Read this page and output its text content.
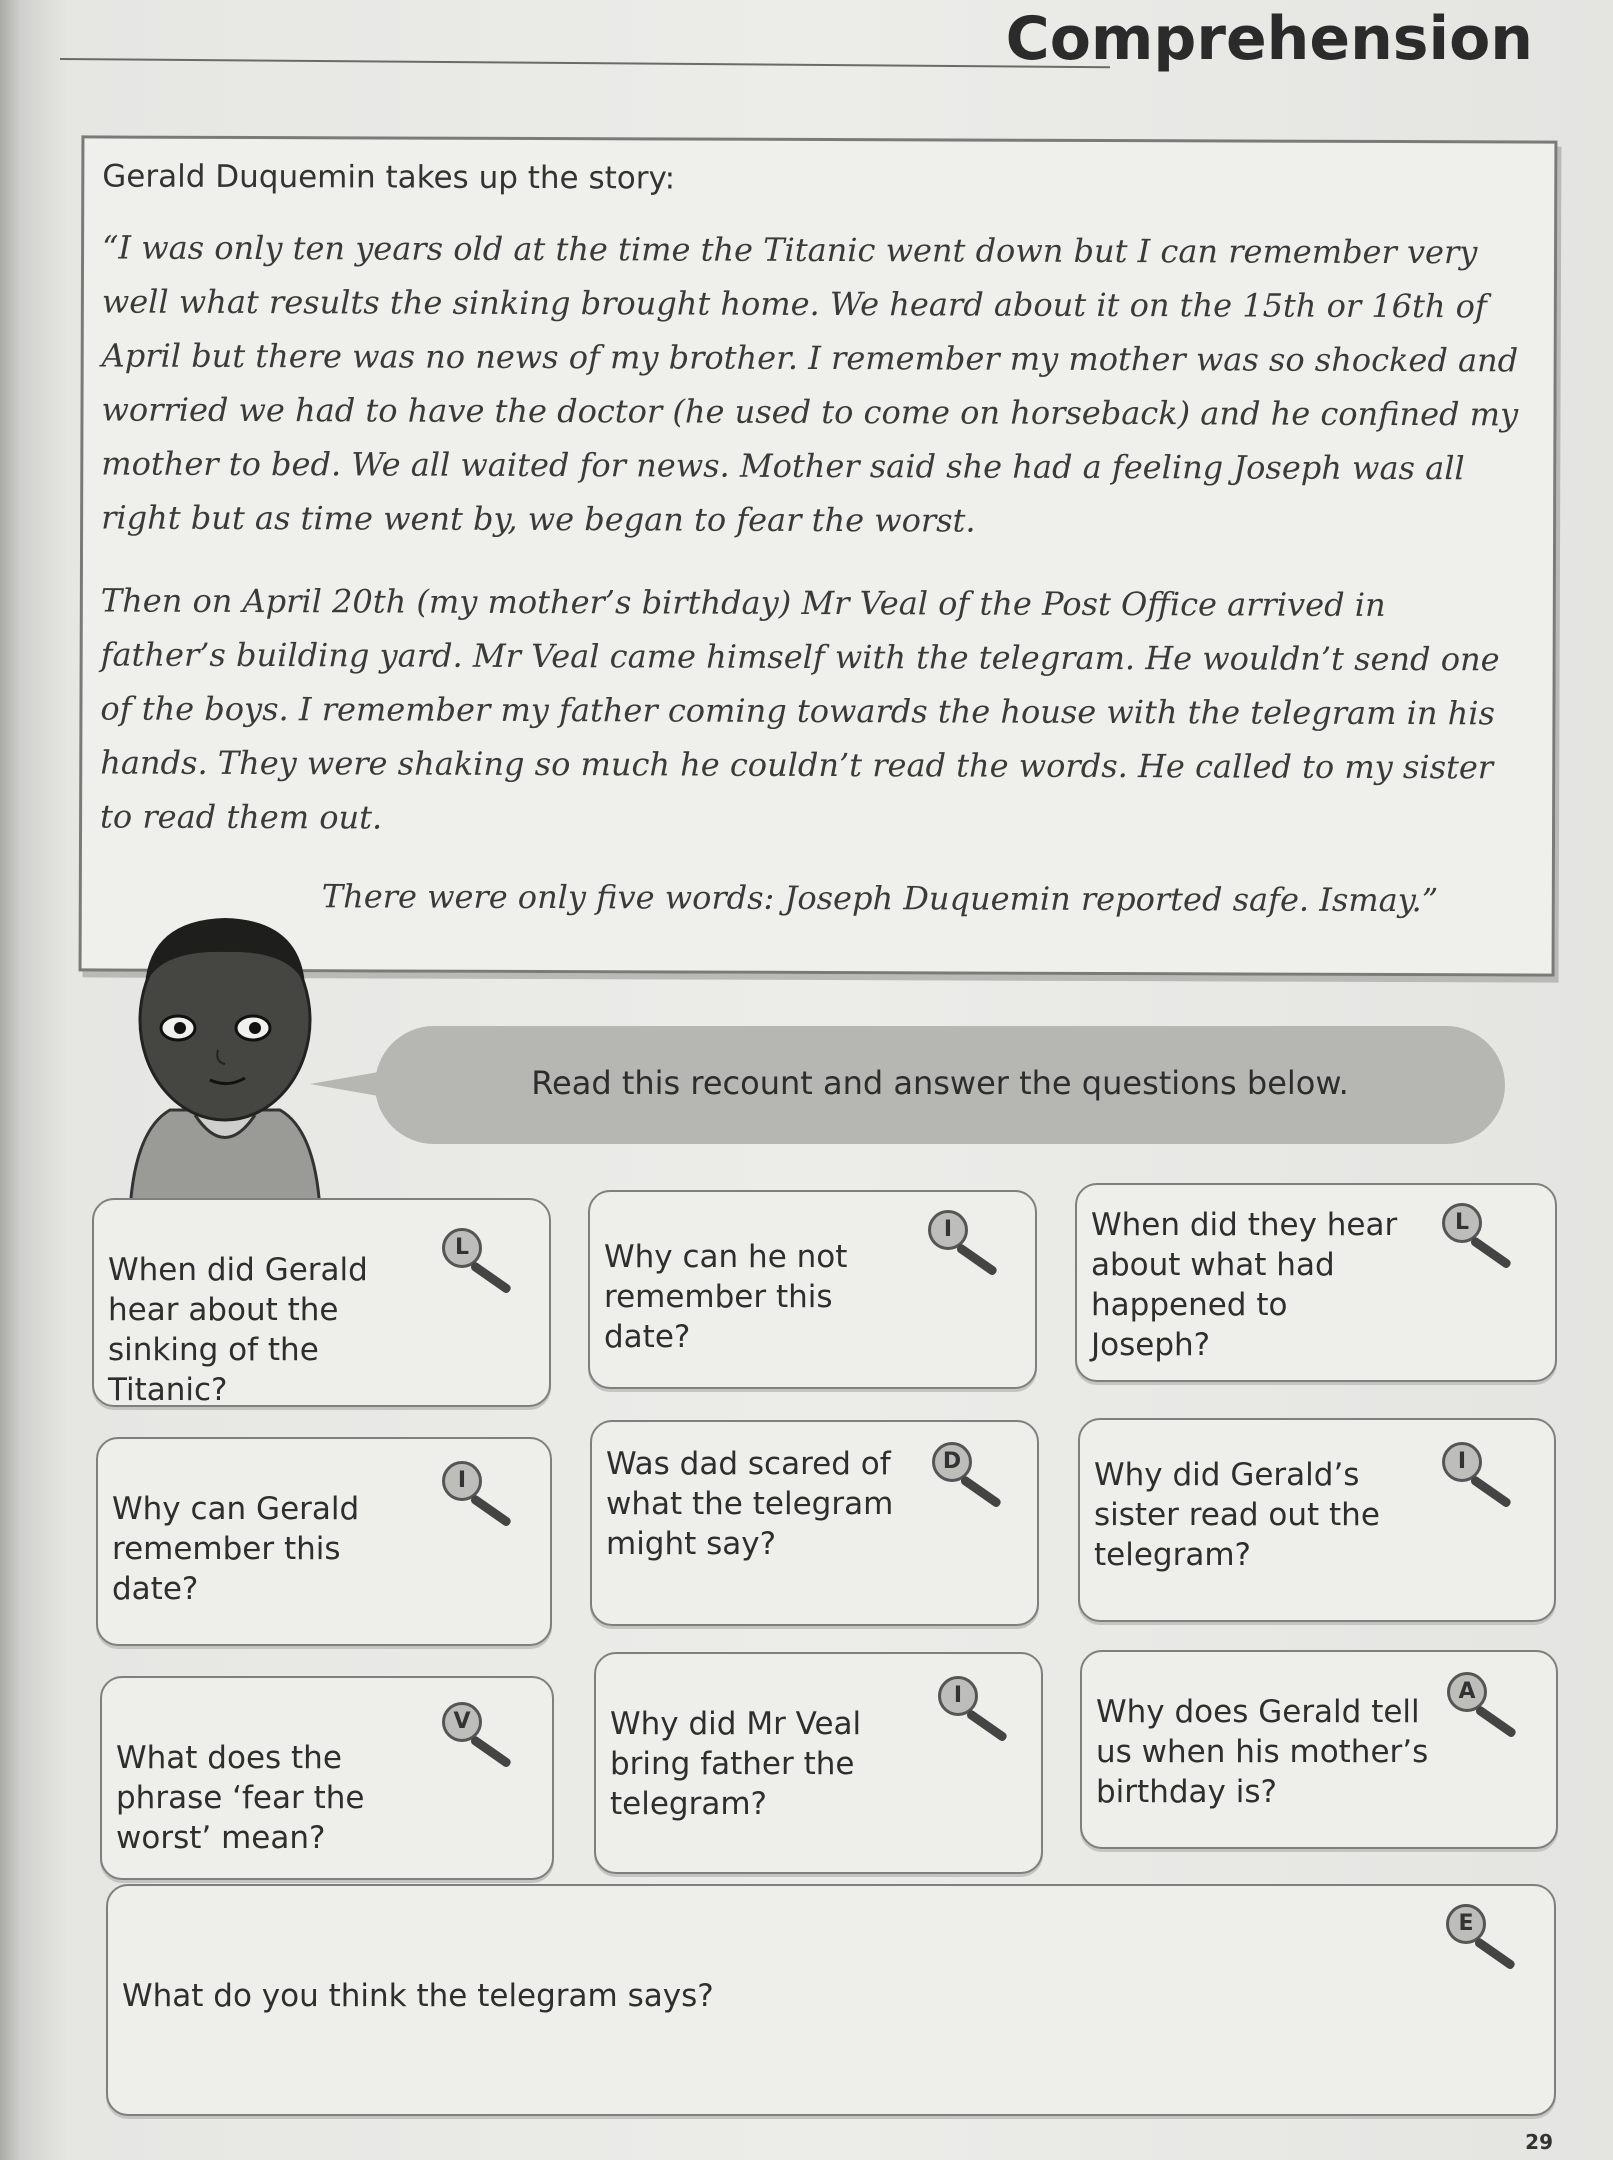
Comprehension
Gerald Duquemin takes up the story:

“I was only ten years old at the time the Titanic went down but I can remember very well what results the sinking brought home. We heard about it on the 15th or 16th of April but there was no news of my brother. I remember my mother was so shocked and worried we had to have the doctor (he used to come on horseback) and he confined my mother to bed. We all waited for news. Mother said she had a feeling Joseph was all right but as time went by, we began to fear the worst.

Then on April 20th (my mother’s birthday) Mr Veal of the Post Office arrived in father’s building yard. Mr Veal came himself with the telegram. He wouldn’t send one of the boys. I remember my father coming towards the house with the telegram in his hands. They were shaking so much he couldn’t read the words. He called to my sister to read them out.

There were only five words: Joseph Duquemin reported safe. Ismay.”

Read this recount and answer the questions below.

When did Gerald hear about the sinking of the Titanic?

L	Why can he not remember this date?

I	When did they hear about what had happened to Joseph?

L

Why can Gerald remember this date?

I	Was dad scared of what the telegram might say?

D	Why did Gerald’s sister read out the telegram?

I

What does the phrase ‘fear the worst’ mean?

V	Why did Mr Veal bring father the telegram?

I	Why does Gerald tell us when his mother’s birthday is?

A

What do you think the telegram says?

E
29
